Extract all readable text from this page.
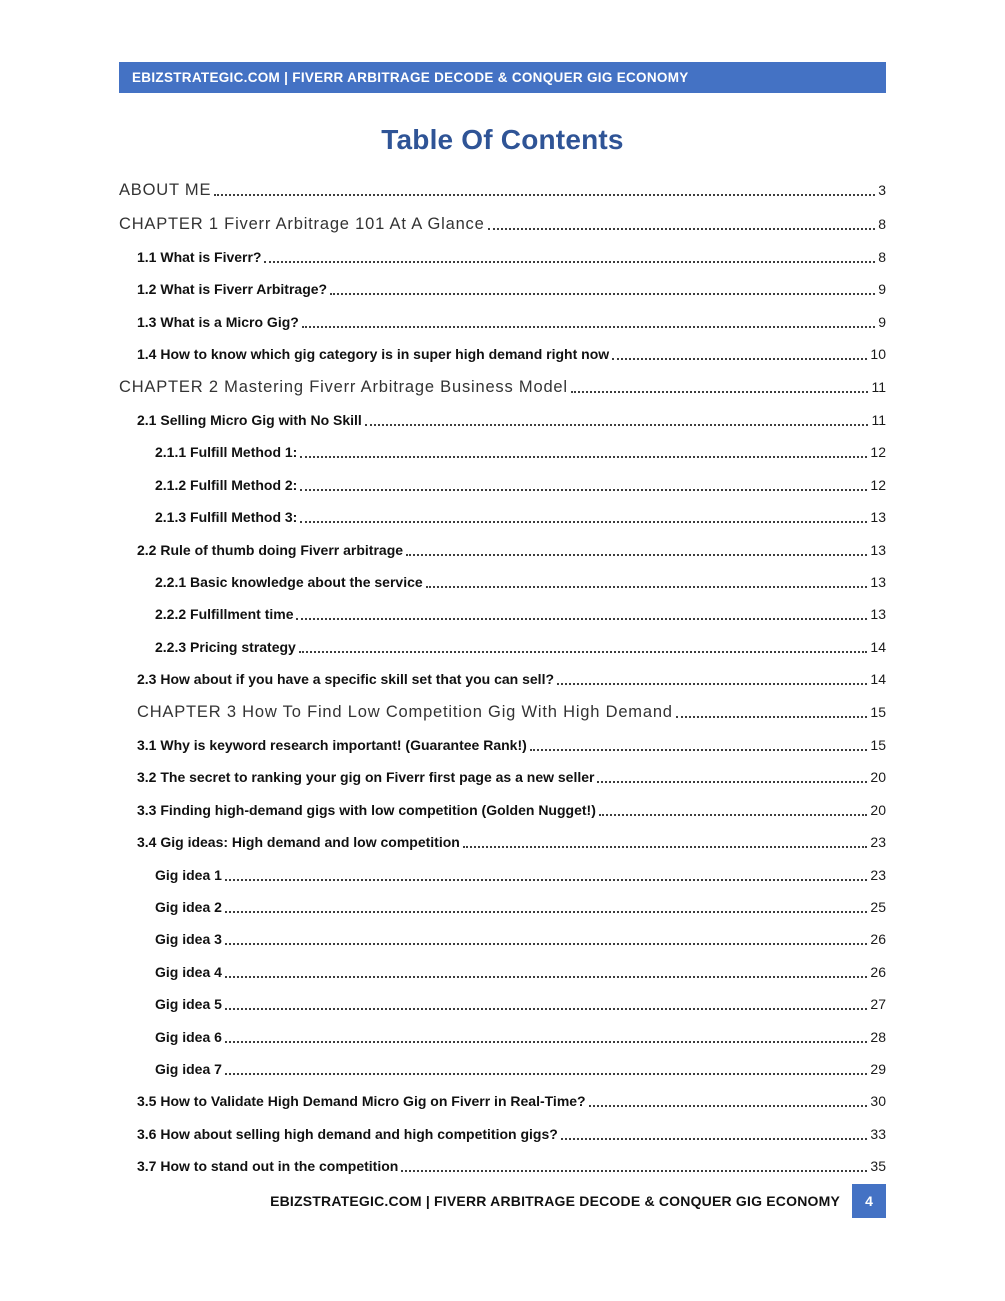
EBIZSTRATEGIC.COM | FIVERR ARBITRAGE DECODE & CONQUER GIG ECONOMY
Table Of Contents
ABOUT ME	3
CHAPTER 1 Fiverr Arbitrage 101 At A Glance	8
1.1 What is Fiverr?	8
1.2 What is Fiverr Arbitrage?	9
1.3 What is a Micro Gig?	9
1.4 How to know which gig category is in super high demand right now	10
CHAPTER 2 Mastering Fiverr Arbitrage Business Model	11
2.1 Selling Micro Gig with No Skill	11
2.1.1 Fulfill Method 1:	12
2.1.2 Fulfill Method 2:	12
2.1.3 Fulfill Method 3:	13
2.2 Rule of thumb doing Fiverr arbitrage	13
2.2.1 Basic knowledge about the service	13
2.2.2 Fulfillment time	13
2.2.3 Pricing strategy	14
2.3 How about if you have a specific skill set that you can sell?	14
CHAPTER 3 How To Find Low Competition Gig With High Demand	15
3.1 Why is keyword research important! (Guarantee Rank!)	15
3.2 The secret to ranking your gig on Fiverr first page as a new seller	20
3.3 Finding high-demand gigs with low competition (Golden Nugget!)	20
3.4 Gig ideas: High demand and low competition	23
Gig idea 1	23
Gig idea 2	25
Gig idea 3	26
Gig idea 4	26
Gig idea 5	27
Gig idea 6	28
Gig idea 7	29
3.5 How to Validate High Demand Micro Gig on Fiverr in Real-Time?	30
3.6 How about selling high demand and high competition gigs?	33
3.7 How to stand out in the competition	35
EBIZSTRATEGIC.COM | FIVERR ARBITRAGE DECODE & CONQUER GIG ECONOMY	4
